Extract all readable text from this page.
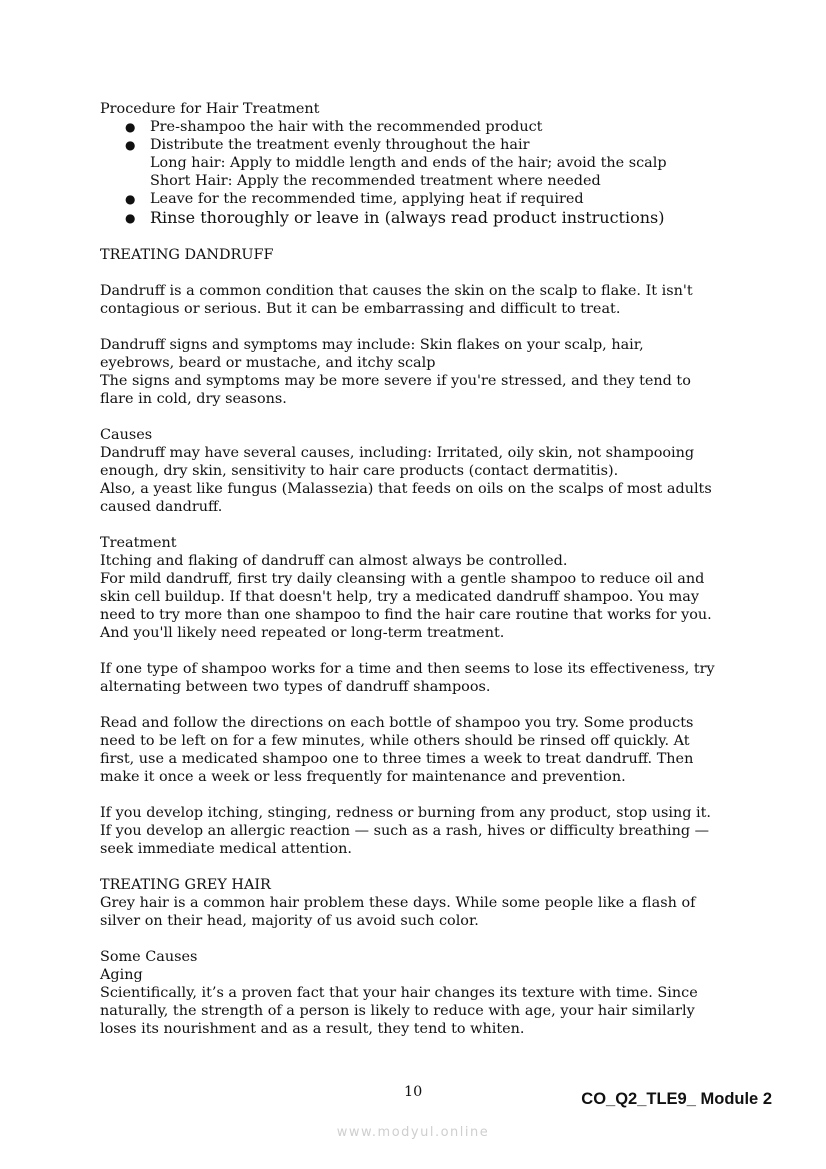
Procedure for Hair Treatment

● Pre-shampoo the hair with the recommended product
● Distribute the treatment evenly throughout the hair
Long hair: Apply to middle length and ends of the hair; avoid the scalp
Short Hair: Apply the recommended treatment where needed
● Leave for the recommended time, applying heat if required
● Rinse thoroughly or leave in (always read product instructions)

TREATING DANDRUFF

Dandruff is a common condition that causes the skin on the scalp to flake. It isn't

contagious or serious. But it can be embarrassing and difficult to treat.

Dandruff signs and symptoms may include: Skin flakes on your scalp, hair,

eyebrows, beard or mustache, and itchy scalp

The signs and symptoms may be more severe if you're stressed, and they tend to

flare in cold, dry seasons.

Causes

Dandruff may have several causes, including: Irritated, oily skin, not shampooing

enough, dry skin, sensitivity to hair care products (contact dermatitis).

Also, a yeast like fungus (Malassezia) that feeds on oils on the scalps of most adults

caused dandruff.

Treatment

Itching and flaking of dandruff can almost always be controlled.

For mild dandruff, first try daily cleansing with a gentle shampoo to reduce oil and

skin cell buildup. If that doesn't help, try a medicated dandruff shampoo. You may

need to try more than one shampoo to find the hair care routine that works for you.

And you'll likely need repeated or long-term treatment.

If one type of shampoo works for a time and then seems to lose its effectiveness, try

alternating between two types of dandruff shampoos.

Read and follow the directions on each bottle of shampoo you try. Some products

need to be left on for a few minutes, while others should be rinsed off quickly. At

first, use a medicated shampoo one to three times a week to treat dandruff. Then

make it once a week or less frequently for maintenance and prevention.

If you develop itching, stinging, redness or burning from any product, stop using it.

If you develop an allergic reaction — such as a rash, hives or difficulty breathing —

seek immediate medical attention.

TREATING GREY HAIR

Grey hair is a common hair problem these days. While some people like a flash of

silver on their head, majority of us avoid such color.

Some Causes

Aging

Scientifically, it’s a proven fact that your hair changes its texture with time. Since

naturally, the strength of a person is likely to reduce with age, your hair similarly

loses its nourishment and as a result, they tend to whiten.

10	CO_Q2_TLE9_ Module 2
www.modyul.online
